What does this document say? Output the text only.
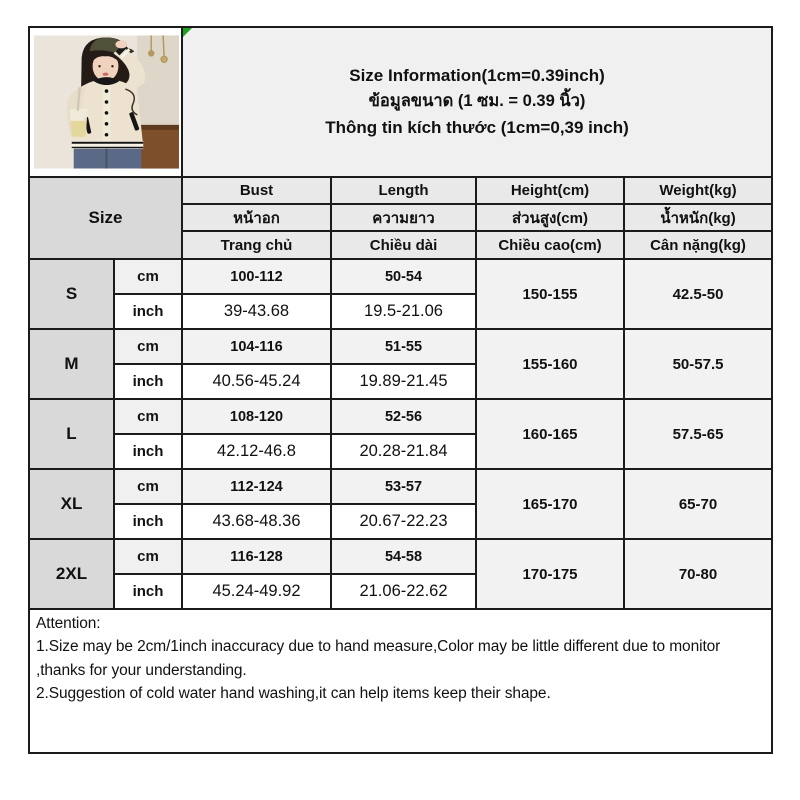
Size Information(1cm=0.39inch)
ข้อมูลขนาด (1 ซม. = 0.39 นิ้ว)
Thông tin kích thước (1cm=0,39 inch)			

Size		Bust	Length	Height(cm)	Weight(kg)
		หน้าอก	ความยาว	ส่วนสูง(cm)	น้ำหนัก(kg)
		Trang chủ	Chiều dài	Chiều cao(cm)	Cân nặng(kg)
S	cm	100-112	50-54	150-155	42.5-50
	inch	39-43.68	19.5-21.06		
M	cm	104-116	51-55	155-160	50-57.5
	inch	40.56-45.24	19.89-21.45		
L	cm	108-120	52-56	160-165	57.5-65
	inch	42.12-46.8	20.28-21.84		
XL	cm	112-124	53-57	165-170	65-70
	inch	43.68-48.36	20.67-22.23		
2XL	cm	116-128	54-58	170-175	70-80
	inch	45.24-49.92	21.06-22.62		

Attention:
1.Size may be 2cm/1inch inaccuracy due to hand measure,Color may be little different due to monitor ,thanks for your understanding.
2.Suggestion of cold water hand washing,it can help items keep their shape.					
